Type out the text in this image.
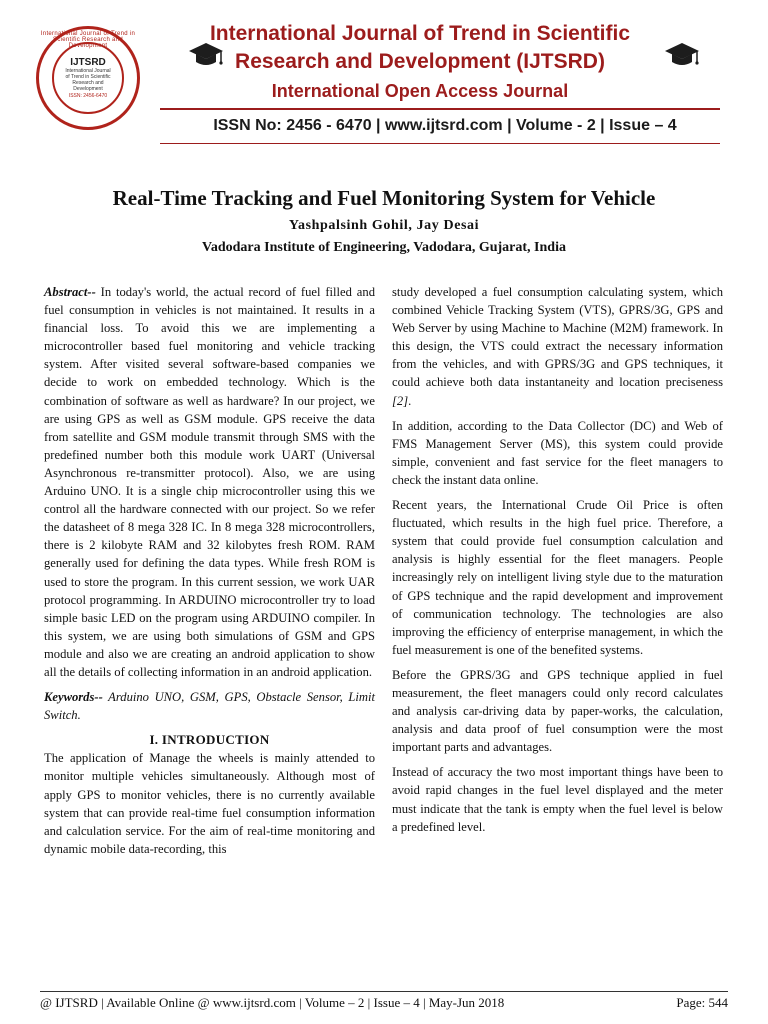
International Journal of Trend in Scientific Research and Development
IJTSRD
International Journal
of Trend in Scientific
Research and
Development
ISSN: 2456-6470
International Journal of Trend in Scientific
Research and Development (IJTSRD)
International Open Access Journal
ISSN No: 2456 - 6470 | www.ijtsrd.com | Volume - 2 | Issue – 4
Real-Time Tracking and Fuel Monitoring System for Vehicle
Yashpalsinh Gohil, Jay Desai
Vadodara Institute of Engineering, Vadodara, Gujarat, India

Abstract-- In today's world, the actual record of fuel filled and fuel consumption in vehicles is not maintained. It results in a financial loss. To avoid this we are implementing a microcontroller based fuel monitoring and vehicle tracking system. After visited several software-based companies we decide to work on embedded technology. Which is the combination of software as well as hardware? In our project, we are using GPS as well as GSM module. GPS receive the data from satellite and GSM module transmit through SMS with the predefined number both this module work UART (Universal Asynchronous re-transmitter protocol). Also, we are using Arduino UNO. It is a single chip microcontroller using this we control all the hardware connected with our project. So we refer the datasheet of 8 mega 328 IC. In 8 mega 328 microcontrollers, there is 2 kilobyte RAM and 32 kilobytes fresh ROM. RAM generally used for defining the data types. While fresh ROM is used to store the program. In this current session, we work UAR protocol programming. In ARDUINO microcontroller try to load simple basic LED on the program using ARDUINO compiler. In this system, we are using both simulations of GSM and GPS module and also we are creating an android application to show all the details of collecting information in an android application.

Keywords-- Arduino UNO, GSM, GPS, Obstacle Sensor, Limit Switch.

I. INTRODUCTION

The application of Manage the wheels is mainly attended to monitor multiple vehicles simultaneously. Although most of apply GPS to monitor vehicles, there is no currently available system that can provide real-time fuel consumption information and calculation service. For the aim of real-time monitoring and dynamic mobile data-recording, this

study developed a fuel consumption calculating system, which combined Vehicle Tracking System (VTS), GPRS/3G, GPS and Web Server by using Machine to Machine (M2M) framework. In this design, the VTS could extract the necessary information from the vehicles, and with GPRS/3G and GPS techniques, it could achieve both data instantaneity and location preciseness [2].

In addition, according to the Data Collector (DC) and Web of FMS Management Server (MS), this system could provide simple, convenient and fast service for the fleet managers to check the instant data online.

Recent years, the International Crude Oil Price is often fluctuated, which results in the high fuel price. Therefore, a system that could provide fuel consumption calculation and analysis is highly essential for the fleet managers. People increasingly rely on intelligent living style due to the maturation of GPS technique and the rapid development and improvement of communication technology. The technologies are also improving the efficiency of enterprise management, in which the fuel measurement is one of the benefited systems.

Before the GPRS/3G and GPS technique applied in fuel measurement, the fleet managers could only record calculates and analysis car-driving data by paper-works, the calculation, analysis and data proof of fuel consumption were the most important parts and advantages.

Instead of accuracy the two most important things have been to avoid rapid changes in the fuel level displayed and the meter must indicate that the tank is empty when the fuel level is below a predefined level.

@ IJTSRD | Available Online @ www.ijtsrd.com | Volume – 2 | Issue – 4 | May-Jun 2018	Page: 544
